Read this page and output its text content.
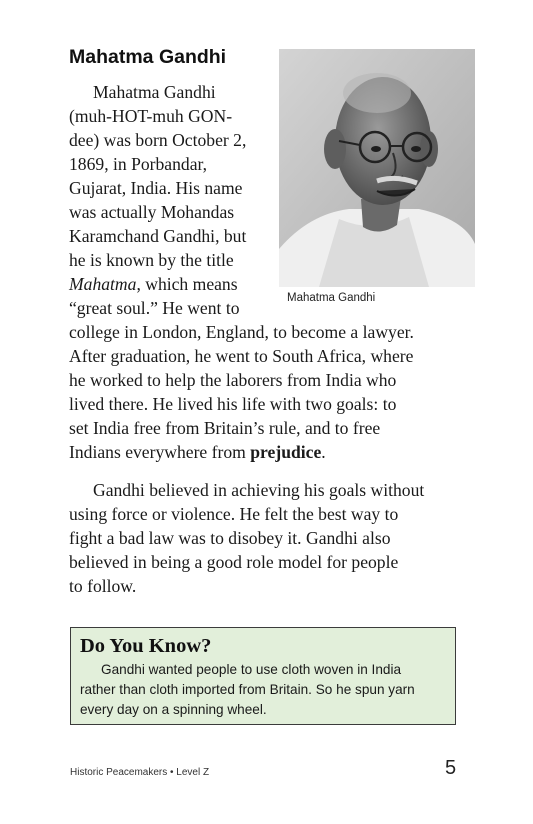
Mahatma Gandhi
Mahatma Gandhi
Mahatma Gandhi
(muh-HOT-muh GON-
dee) was born October 2,
1869, in Porbandar,
Gujarat, India. His name
was actually Mohandas
Karamchand Gandhi, but
he is known by the title
Mahatma, which means
“great soul.” He went to
college in London, England, to become a lawyer.
After graduation, he went to South Africa, where
he worked to help the laborers from India who
lived there. He lived his life with two goals: to
set India free from Britain’s rule, and to free
Indians everywhere from prejudice.
Gandhi believed in achieving his goals without
using force or violence. He felt the best way to
fight a bad law was to disobey it. Gandhi also
believed in being a good role model for people
to follow.
Do You Know?
Gandhi wanted people to use cloth woven in India
rather than cloth imported from Britain. So he spun yarn
every day on a spinning wheel.
Historic Peacemakers • Level Z	5
